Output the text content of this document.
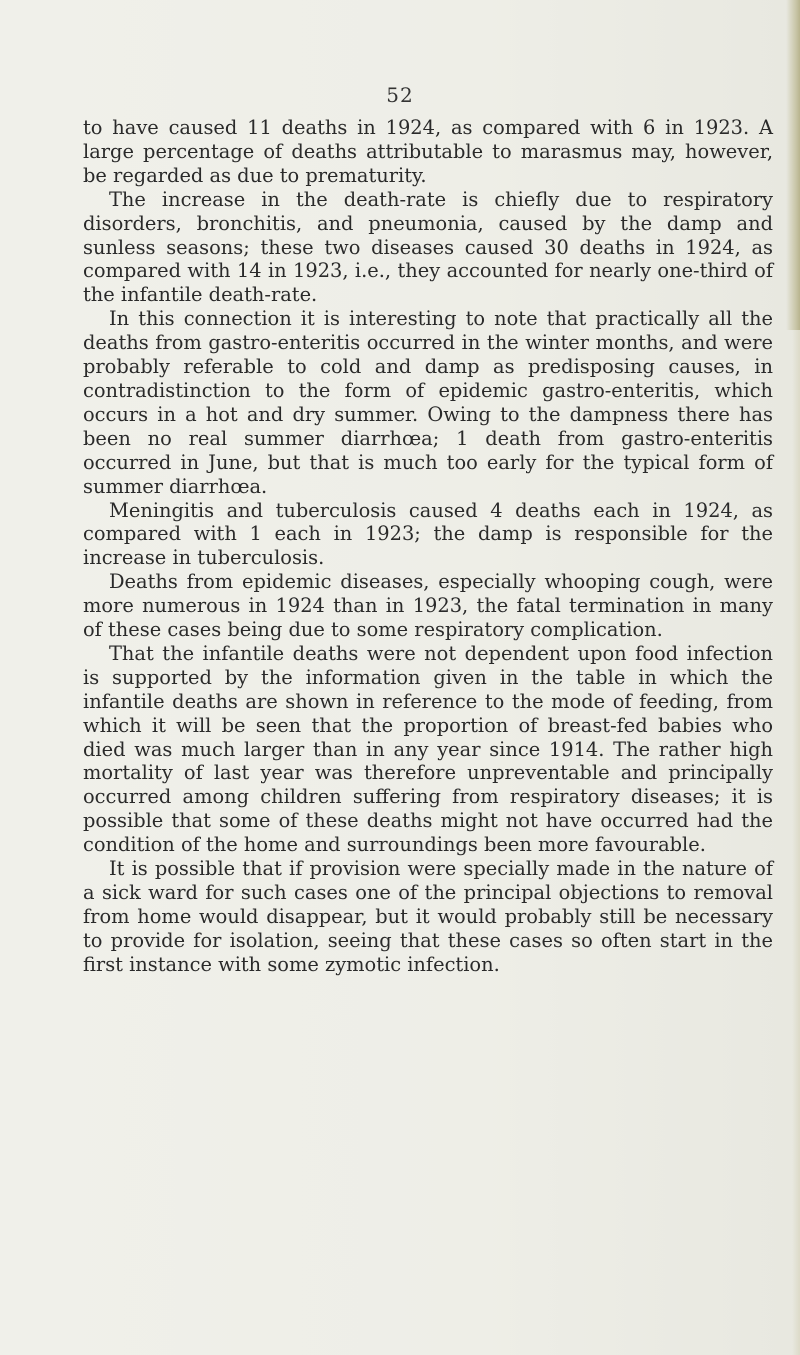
52

to have caused 11 deaths in 1924, as compared with 6 in 1923. A large percentage of deaths attributable to marasmus may, however, be regarded as due to prematurity.

The increase in the death-rate is chiefly due to respiratory disorders, bronchitis, and pneumonia, caused by the damp and sunless seasons; these two diseases caused 30 deaths in 1924, as compared with 14 in 1923, i.e., they accounted for nearly one-third of the infantile death-rate.

In this connection it is interesting to note that practically all the deaths from gastro-enteritis occurred in the winter months, and were probably referable to cold and damp as predisposing causes, in contradistinction to the form of epidemic gastro-enteritis, which occurs in a hot and dry summer. Owing to the dampness there has been no real summer diarrhœa; 1 death from gastro-enteritis occurred in June, but that is much too early for the typical form of summer diarrhœa.

Meningitis and tuberculosis caused 4 deaths each in 1924, as compared with 1 each in 1923; the damp is responsible for the increase in tuberculosis.

Deaths from epidemic diseases, especially whooping cough, were more numerous in 1924 than in 1923, the fatal termination in many of these cases being due to some respiratory complication.

That the infantile deaths were not dependent upon food infection is supported by the information given in the table in which the infantile deaths are shown in reference to the mode of feeding, from which it will be seen that the proportion of breast-fed babies who died was much larger than in any year since 1914. The rather high mortality of last year was therefore unpreventable and principally occurred among children suffering from respiratory diseases; it is possible that some of these deaths might not have occurred had the condition of the home and surroundings been more favourable.

It is possible that if provision were specially made in the nature of a sick ward for such cases one of the principal objections to removal from home would disappear, but it would probably still be necessary to provide for isolation, seeing that these cases so often start in the first instance with some zymotic infection.
